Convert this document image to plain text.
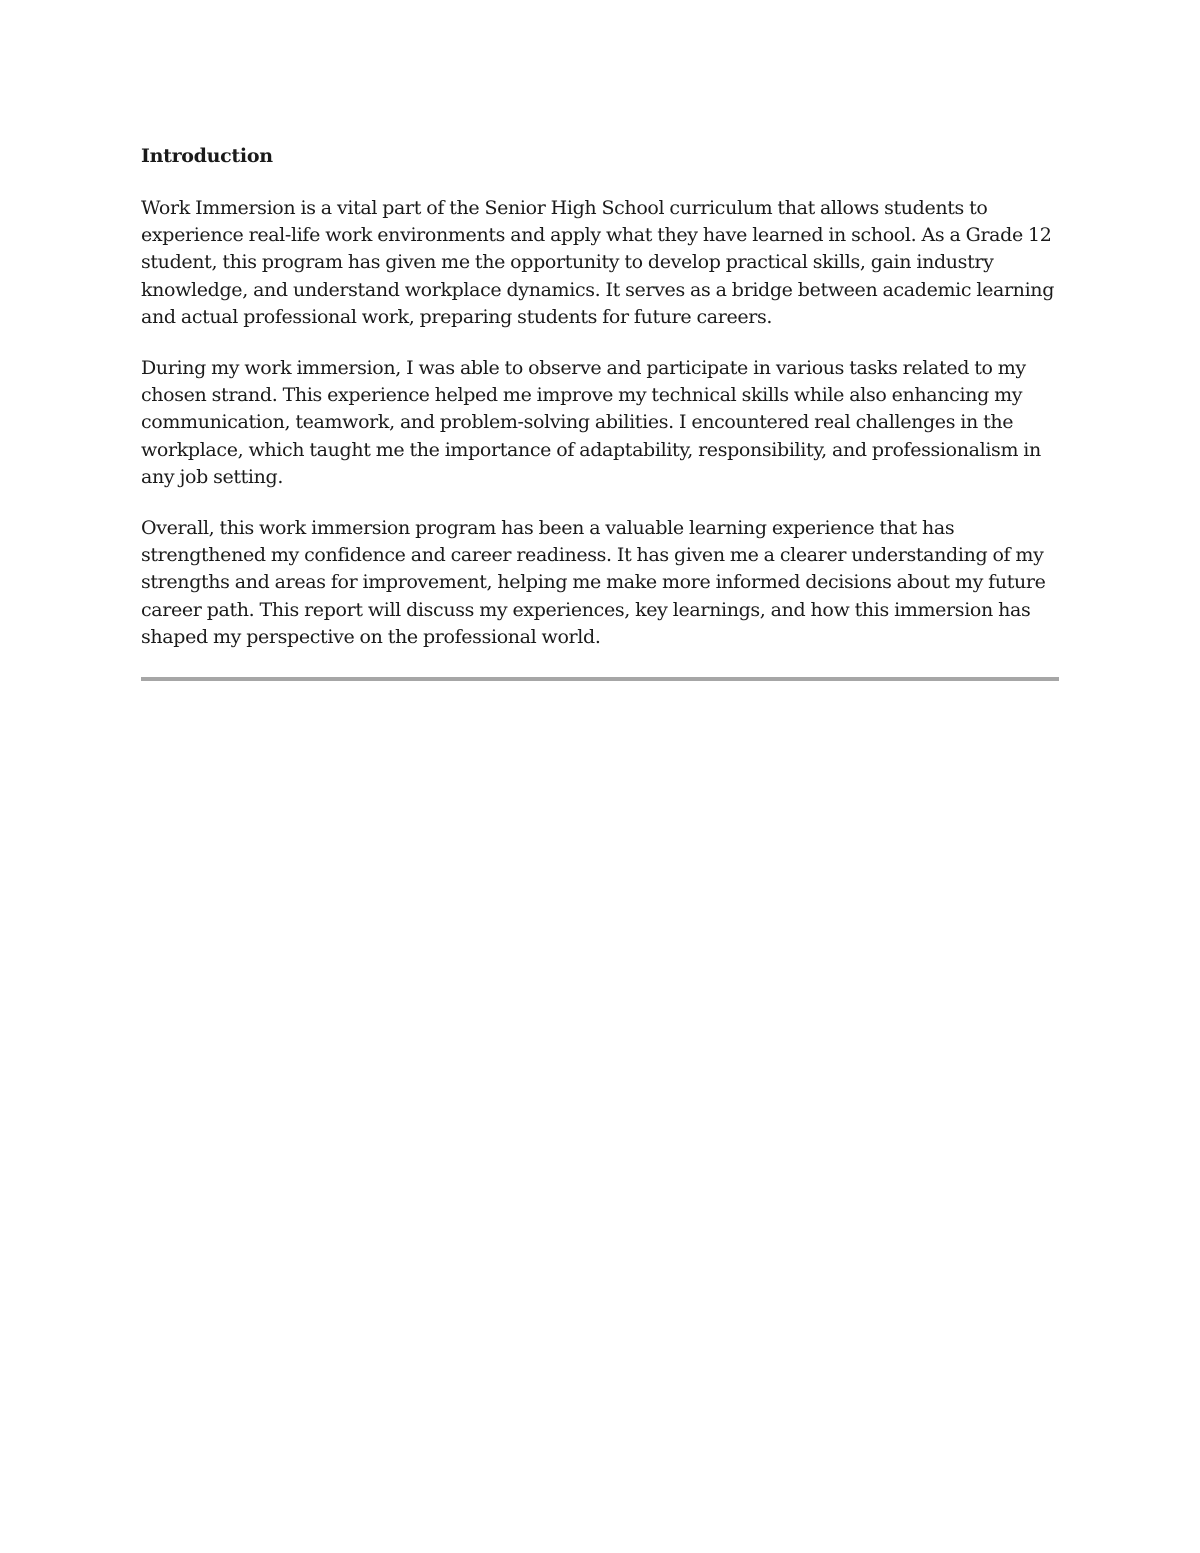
Introduction

Work Immersion is a vital part of the Senior High School curriculum that allows students to experience real-life work environments and apply what they have learned in school. As a Grade 12 student, this program has given me the opportunity to develop practical skills, gain industry knowledge, and understand workplace dynamics. It serves as a bridge between academic learning and actual professional work, preparing students for future careers.

During my work immersion, I was able to observe and participate in various tasks related to my chosen strand. This experience helped me improve my technical skills while also enhancing my communication, teamwork, and problem-solving abilities. I encountered real challenges in the workplace, which taught me the importance of adaptability, responsibility, and professionalism in any job setting.

Overall, this work immersion program has been a valuable learning experience that has strengthened my confidence and career readiness. It has given me a clearer understanding of my strengths and areas for improvement, helping me make more informed decisions about my future career path. This report will discuss my experiences, key learnings, and how this immersion has shaped my perspective on the professional world.
